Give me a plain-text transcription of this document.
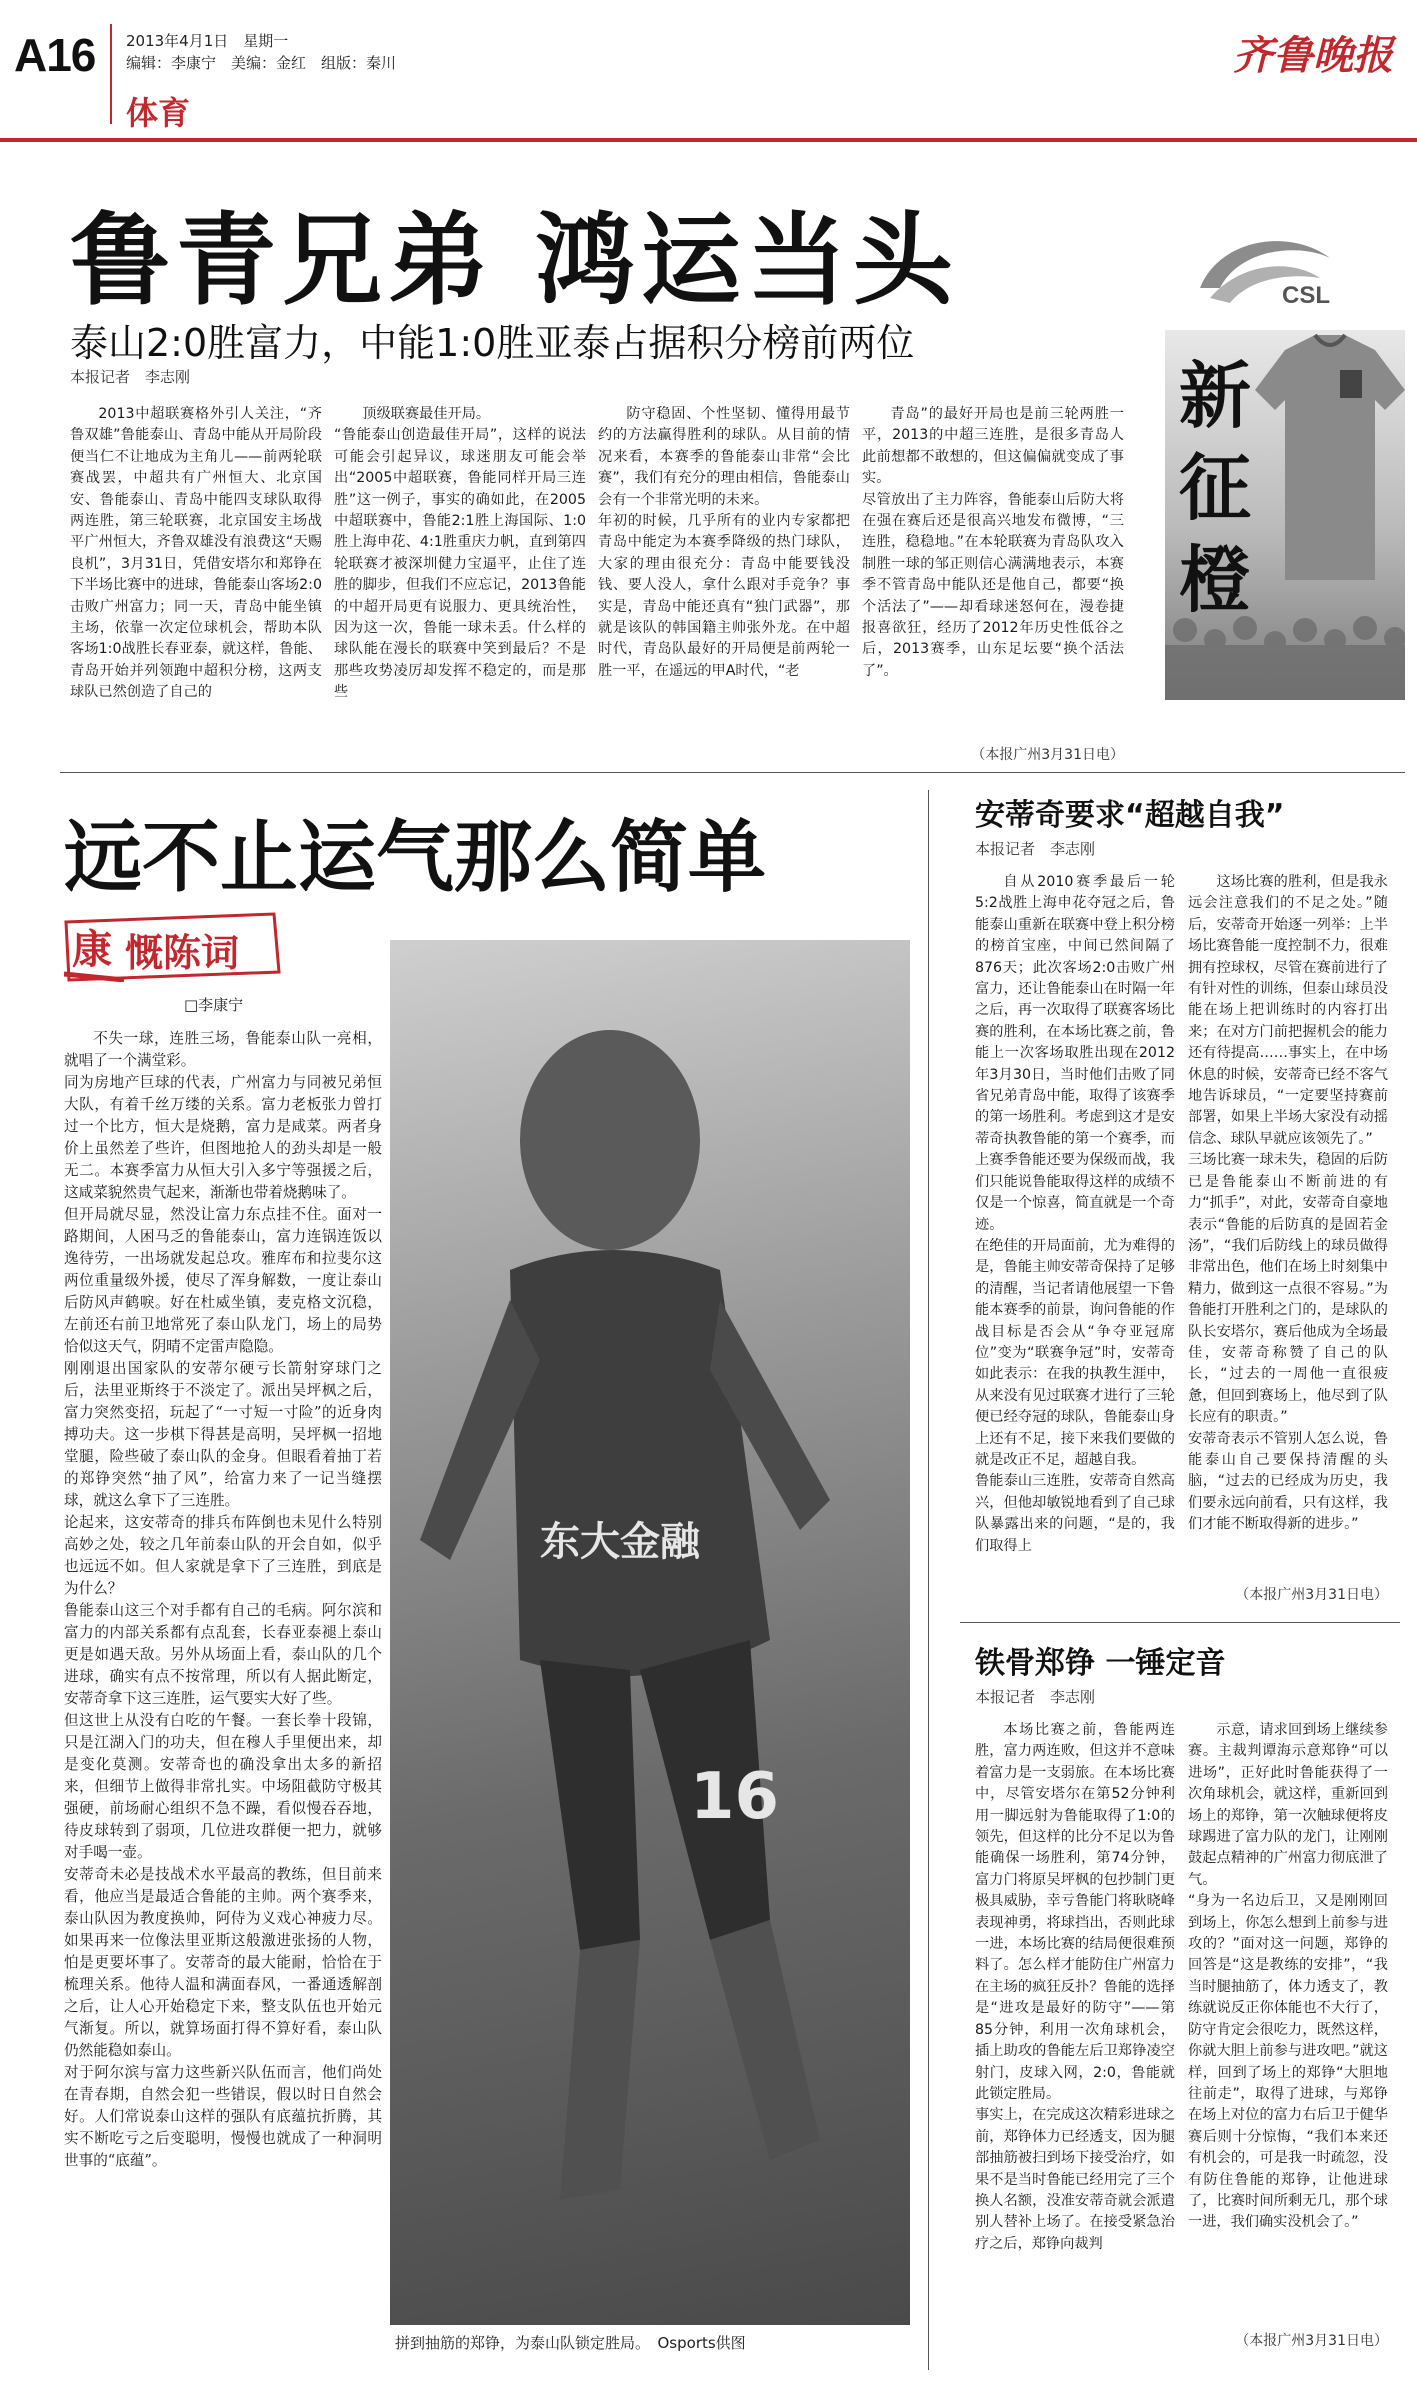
A16 2013年4月1日　星期一
编辑：李康宁　美编：金红　组版：秦川
体育
齐鲁晚报
鲁青兄弟 鸿运当头
泰山2:0胜富力，中能1:0胜亚泰占据积分榜前两位
本报记者　李志刚

2013中超联赛格外引人关注，“齐鲁双雄”鲁能泰山、青岛中能从开局阶段便当仁不让地成为主角儿——前两轮联赛战罢，中超共有广州恒大、北京国安、鲁能泰山、青岛中能四支球队取得两连胜，第三轮联赛，北京国安主场战平广州恒大，齐鲁双雄没有浪费这“天赐良机”，3月31日，凭借安塔尔和郑铮在下半场比赛中的进球，鲁能泰山客场2:0击败广州富力；同一天，青岛中能坐镇主场，依靠一次定位球机会，帮助本队客场1:0战胜长春亚泰，就这样，鲁能、青岛开始并列领跑中超积分榜，这两支球队已然创造了自己的

顶级联赛最佳开局。
“鲁能泰山创造最佳开局”，这样的说法可能会引起异议，球迷朋友可能会举出“2005中超联赛，鲁能同样开局三连胜”这一例子，事实的确如此，在2005中超联赛中，鲁能2:1胜上海国际、1:0胜上海申花、4:1胜重庆力帆，直到第四轮联赛才被深圳健力宝逼平，止住了连胜的脚步，但我们不应忘记，2013鲁能的中超开局更有说服力、更具统治性，因为这一次，鲁能一球未丢。什么样的球队能在漫长的联赛中笑到最后？不是那些攻势凌厉却发挥不稳定的，而是那些

防守稳固、个性坚韧、懂得用最节约的方法赢得胜利的球队。从目前的情况来看，本赛季的鲁能泰山非常“会比赛”，我们有充分的理由相信，鲁能泰山会有一个非常光明的未来。
年初的时候，几乎所有的业内专家都把青岛中能定为本赛季降级的热门球队，大家的理由很充分：青岛中能要钱没钱、要人没人，拿什么跟对手竞争？事实是，青岛中能还真有“独门武器”，那就是该队的韩国籍主帅张外龙。在中超时代，青岛队最好的开局便是前两轮一胜一平，在遥远的甲A时代，“老

青岛”的最好开局也是前三轮两胜一平，2013的中超三连胜，是很多青岛人此前想都不敢想的，但这偏偏就变成了事实。
尽管放出了主力阵容，鲁能泰山后防大将在强在赛后还是很高兴地发布微博，“三连胜，稳稳地。”在本轮联赛为青岛队攻入制胜一球的邹正则信心满满地表示，本赛季不管青岛中能队还是他自己，都要“换个活法了”——却看球迷怒何在，漫卷捷报喜欲狂，经历了2012年历史性低谷之后，2013赛季，山东足坛要“换个活法了”。

（本报广州3月31日电）
CSL
新
征
橙
远不止运气那么简单
康 慨陈词
□李康宁

不失一球，连胜三场，鲁能泰山队一亮相，就唱了一个满堂彩。
同为房地产巨球的代表，广州富力与同被兄弟恒大队，有着千丝万缕的关系。富力老板张力曾打过一个比方，恒大是烧鹅，富力是咸菜。两者身价上虽然差了些许，但图地抢人的劲头却是一般无二。本赛季富力从恒大引入多宁等强援之后，这咸菜貌然贵气起来，渐渐也带着烧鹅味了。
但开局就尽显，然没让富力东点挂不住。面对一路期间，人困马乏的鲁能泰山，富力连锅连饭以逸待劳，一出场就发起总攻。雅库布和拉斐尔这两位重量级外援，使尽了浑身解数，一度让泰山后防风声鹤唳。好在杜威坐镇，麦克格文沉稳，左前还右前卫地常死了泰山队龙门，场上的局势恰似这天气，阴晴不定雷声隐隐。
刚刚退出国家队的安蒂尔硬亏长箭射穿球门之后，法里亚斯终于不淡定了。派出吴坪枫之后，富力突然变招，玩起了“一寸短一寸险”的近身肉搏功夫。这一步棋下得甚是高明，吴坪枫一招地堂腿，险些破了泰山队的金身。但眼看着抽丁若的郑铮突然“抽了风”，给富力来了一记当缝摆球，就这么拿下了三连胜。
论起来，这安蒂奇的排兵布阵倒也未见什么特别高妙之处，较之几年前泰山队的开会自如，似乎也远远不如。但人家就是拿下了三连胜，到底是为什么？
鲁能泰山这三个对手都有自己的毛病。阿尔滨和富力的内部关系都有点乱套，长春亚泰褪上泰山更是如遇天敌。另外从场面上看，泰山队的几个进球，确实有点不按常理，所以有人据此断定，安蒂奇拿下这三连胜，运气要实大好了些。
但这世上从没有白吃的午餐。一套长拳十段锦，只是江湖入门的功夫，但在穆人手里便出来，却是变化莫测。安蒂奇也的确没拿出太多的新招来，但细节上做得非常扎实。中场阻截防守极其强硬，前场耐心组织不急不躁，看似慢吞吞地，待皮球转到了弱项，几位进攻群便一把力，就够对手喝一壶。
安蒂奇未必是技战术水平最高的教练，但目前来看，他应当是最适合鲁能的主帅。两个赛季来，泰山队因为教度换帅，阿侍为义戏心神疲力尽。如果再来一位像法里亚斯这般激进张扬的人物，怕是更要坏事了。安蒂奇的最大能耐，恰恰在于梳理关系。他待人温和满面春风，一番通透解剖之后，让人心开始稳定下来，整支队伍也开始元气渐复。所以，就算场面打得不算好看，泰山队仍然能稳如泰山。
对于阿尔滨与富力这些新兴队伍而言，他们尚处在青春期，自然会犯一些错误，假以时日自然会好。人们常说泰山这样的强队有底蕴抗折腾，其实不断吃亏之后变聪明，慢慢也就成了一种洞明世事的“底蕴”。

东大金融
16
拼到抽筋的郑铮，为泰山队锁定胜局。　Osports供图
安蒂奇要求“超越自我”
本报记者　李志刚

自从2010赛季最后一轮5:2战胜上海申花夺冠之后，鲁能泰山重新在联赛中登上积分榜的榜首宝座，中间已然间隔了876天；此次客场2:0击败广州富力，还让鲁能泰山在时隔一年之后，再一次取得了联赛客场比赛的胜利，在本场比赛之前，鲁能上一次客场取胜出现在2012年3月30日，当时他们击败了同省兄弟青岛中能，取得了该赛季的第一场胜利。考虑到这才是安蒂奇执教鲁能的第一个赛季，而上赛季鲁能还要为保级而战，我们只能说鲁能取得这样的成绩不仅是一个惊喜，简直就是一个奇迹。
在绝佳的开局面前，尤为难得的是，鲁能主帅安蒂奇保持了足够的清醒，当记者请他展望一下鲁能本赛季的前景，询问鲁能的作战目标是否会从“争夺亚冠席位”变为“联赛争冠”时，安蒂奇如此表示：在我的执教生涯中，从来没有见过联赛才进行了三轮便已经夺冠的球队，鲁能泰山身上还有不足，接下来我们要做的就是改正不足，超越自我。
鲁能泰山三连胜，安蒂奇自然高兴，但他却敏锐地看到了自己球队暴露出来的问题，“是的，我们取得上

这场比赛的胜利，但是我永远会注意我们的不足之处。”随后，安蒂奇开始逐一列举：上半场比赛鲁能一度控制不力，很难拥有控球权，尽管在赛前进行了有针对性的训练，但泰山球员没能在场上把训练时的内容打出来；在对方门前把握机会的能力还有待提高……事实上，在中场休息的时候，安蒂奇已经不客气地告诉球员，“一定要坚持赛前部署，如果上半场大家没有动摇信念、球队早就应该领先了。”
三场比赛一球未失，稳固的后防已是鲁能泰山不断前进的有力“抓手”，对此，安蒂奇自豪地表示“鲁能的后防真的是固若金汤”，“我们后防线上的球员做得非常出色，他们在场上时刻集中精力，做到这一点很不容易。”为鲁能打开胜利之门的，是球队的队长安塔尔，赛后他成为全场最佳，安蒂奇称赞了自己的队长，“过去的一周他一直很疲惫，但回到赛场上，他尽到了队长应有的职责。”
安蒂奇表示不管别人怎么说，鲁能泰山自己要保持清醒的头脑，“过去的已经成为历史，我们要永远向前看，只有这样，我们才能不断取得新的进步。”

（本报广州3月31日电）
铁骨郑铮 一锤定音
本报记者　李志刚

本场比赛之前，鲁能两连胜，富力两连败，但这并不意味着富力是一支弱旅。在本场比赛中，尽管安塔尔在第52分钟利用一脚远射为鲁能取得了1:0的领先，但这样的比分不足以为鲁能确保一场胜利，第74分钟，富力门将原吴坪枫的包抄制门更极具威胁，幸亏鲁能门将耿晓峰表现神勇，将球挡出，否则此球一进，本场比赛的结局便很难预料了。怎么样才能防住广州富力在主场的疯狂反扑？鲁能的选择是“进攻是最好的防守”——第85分钟，利用一次角球机会，插上助攻的鲁能左后卫郑铮凌空射门，皮球入网，2:0，鲁能就此锁定胜局。
事实上，在完成这次精彩进球之前，郑铮体力已经透支，因为腿部抽筋被扫到场下接受治疗，如果不是当时鲁能已经用完了三个换人名额，没准安蒂奇就会派遣别人替补上场了。在接受紧急治疗之后，郑铮向裁判

示意，请求回到场上继续参赛。主裁判谭海示意郑铮“可以进场”，正好此时鲁能获得了一次角球机会，就这样，重新回到场上的郑铮，第一次触球便将皮球踢进了富力队的龙门，让刚刚鼓起点精神的广州富力彻底泄了气。
“身为一名边后卫，又是刚刚回到场上，你怎么想到上前参与进攻的？”面对这一问题，郑铮的回答是“这是教练的安排”，“我当时腿抽筋了，体力透支了，教练就说反正你体能也不大行了，防守肯定会很吃力，既然这样，你就大胆上前参与进攻吧。”就这样，回到了场上的郑铮“大胆地往前走”，取得了进球，与郑铮在场上对位的富力右后卫于健华赛后则十分惊悔，“我们本来还有机会的，可是我一时疏忽，没有防住鲁能的郑铮，让他进球了，比赛时间所剩无几，那个球一进，我们确实没机会了。”

（本报广州3月31日电）
